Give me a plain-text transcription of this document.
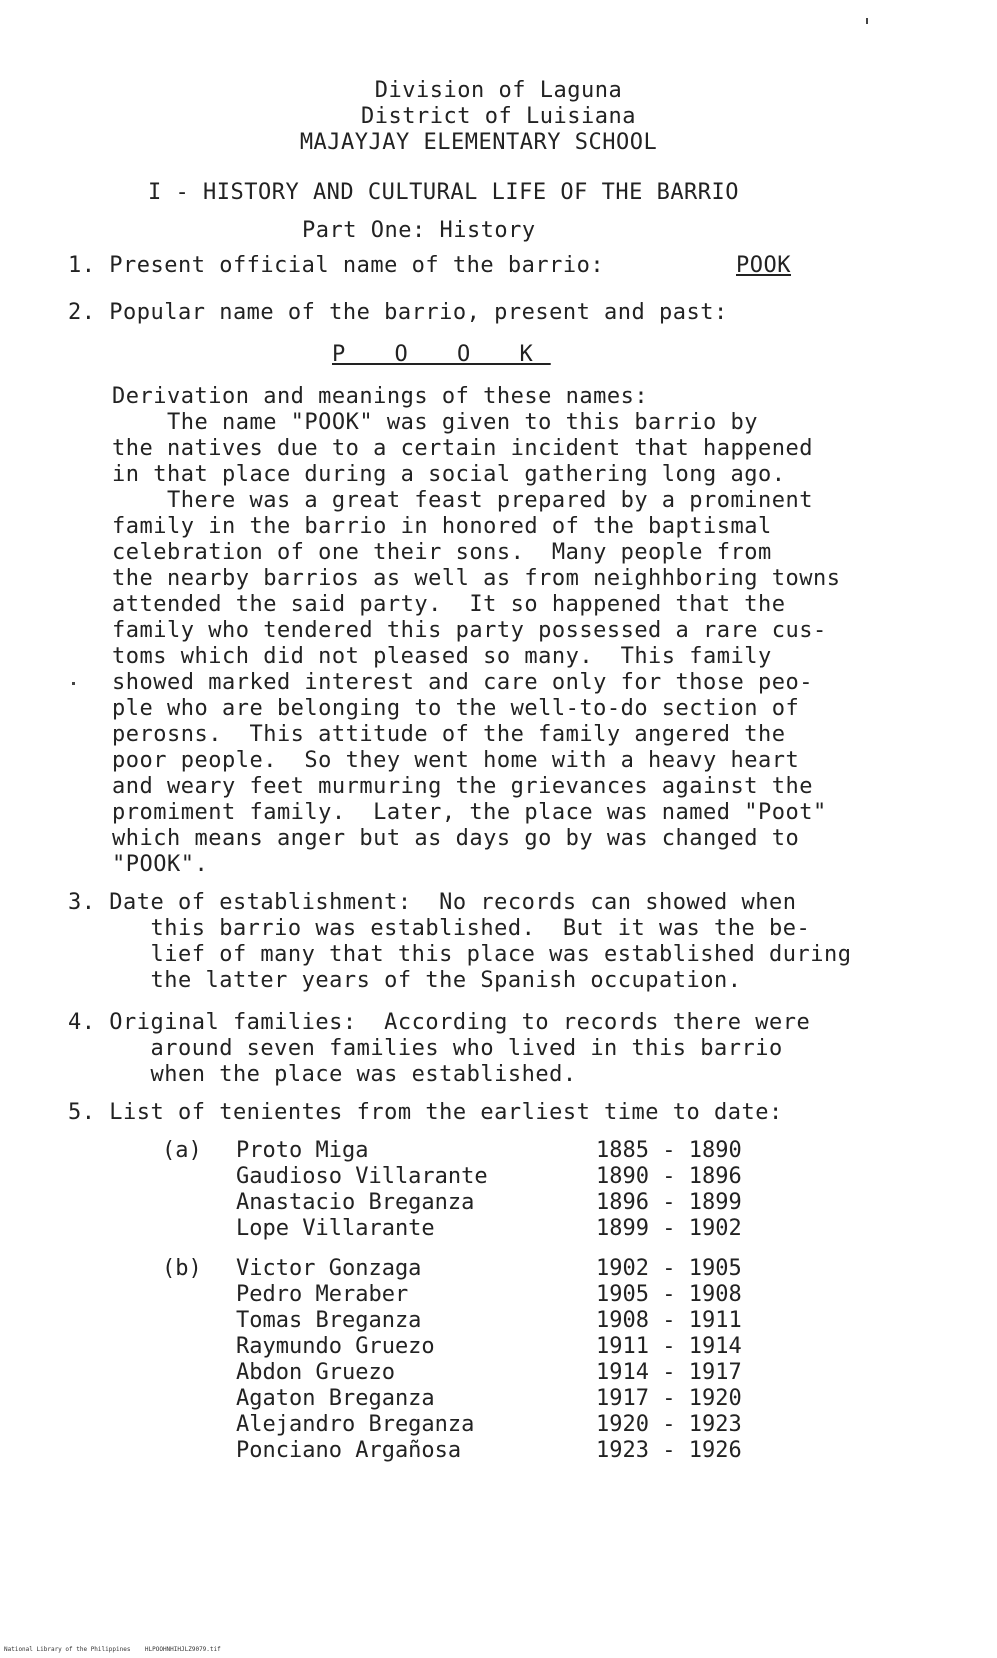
Division of Laguna
District of Luisiana
MAJAYJAY ELEMENTARY SCHOOL
I - HISTORY AND CULTURAL LIFE OF THE BARRIO
Part One: History
1. Present official name of the barrio:	POOK
2. Popular name of the barrio, present and past:
P O O K
Derivation and meanings of these names:
The name "POOK" was given to this barrio by
the natives due to a certain incident that happened
in that place during a social gathering long ago.
There was a great feast prepared by a prominent
family in the barrio in honored of the baptismal
celebration of one their sons.  Many people from
the nearby barrios as well as from neighhboring towns
attended the said party.  It so happened that the
family who tendered this party possessed a rare cus-
toms which did not pleased so many.  This family
showed marked interest and care only for those peo-
ple who are belonging to the well-to-do section of
perosns.  This attitude of the family angered the
poor people.  So they went home with a heavy heart
and weary feet murmuring the grievances against the
promiment family.  Later, the place was named "Poot"
which means anger but as days go by was changed to
"POOK".
3. Date of establishment:  No records can showed when
this barrio was established.  But it was the be-
lief of many that this place was established during
the latter years of the Spanish occupation.
4. Original families:  According to records there were
around seven families who lived in this barrio
when the place was established.
5. List of tenientes from the earliest time to date:
(a) Proto Miga	1885 - 1890
Gaudioso Villarante	1890 - 1896
Anastacio Breganza	1896 - 1899
Lope Villarante	1899 - 1902
(b) Victor Gonzaga	1902 - 1905
Pedro Meraber	1905 - 1908
Tomas Breganza	1908 - 1911
Raymundo Gruezo	1911 - 1914
Abdon Gruezo	1914 - 1917
Agaton Breganza	1917 - 1920
Alejandro Breganza	1920 - 1923
Ponciano Argañosa	1923 - 1926
National Library of the Philippines    HLPOOHNHIHJLZ9079.tif
